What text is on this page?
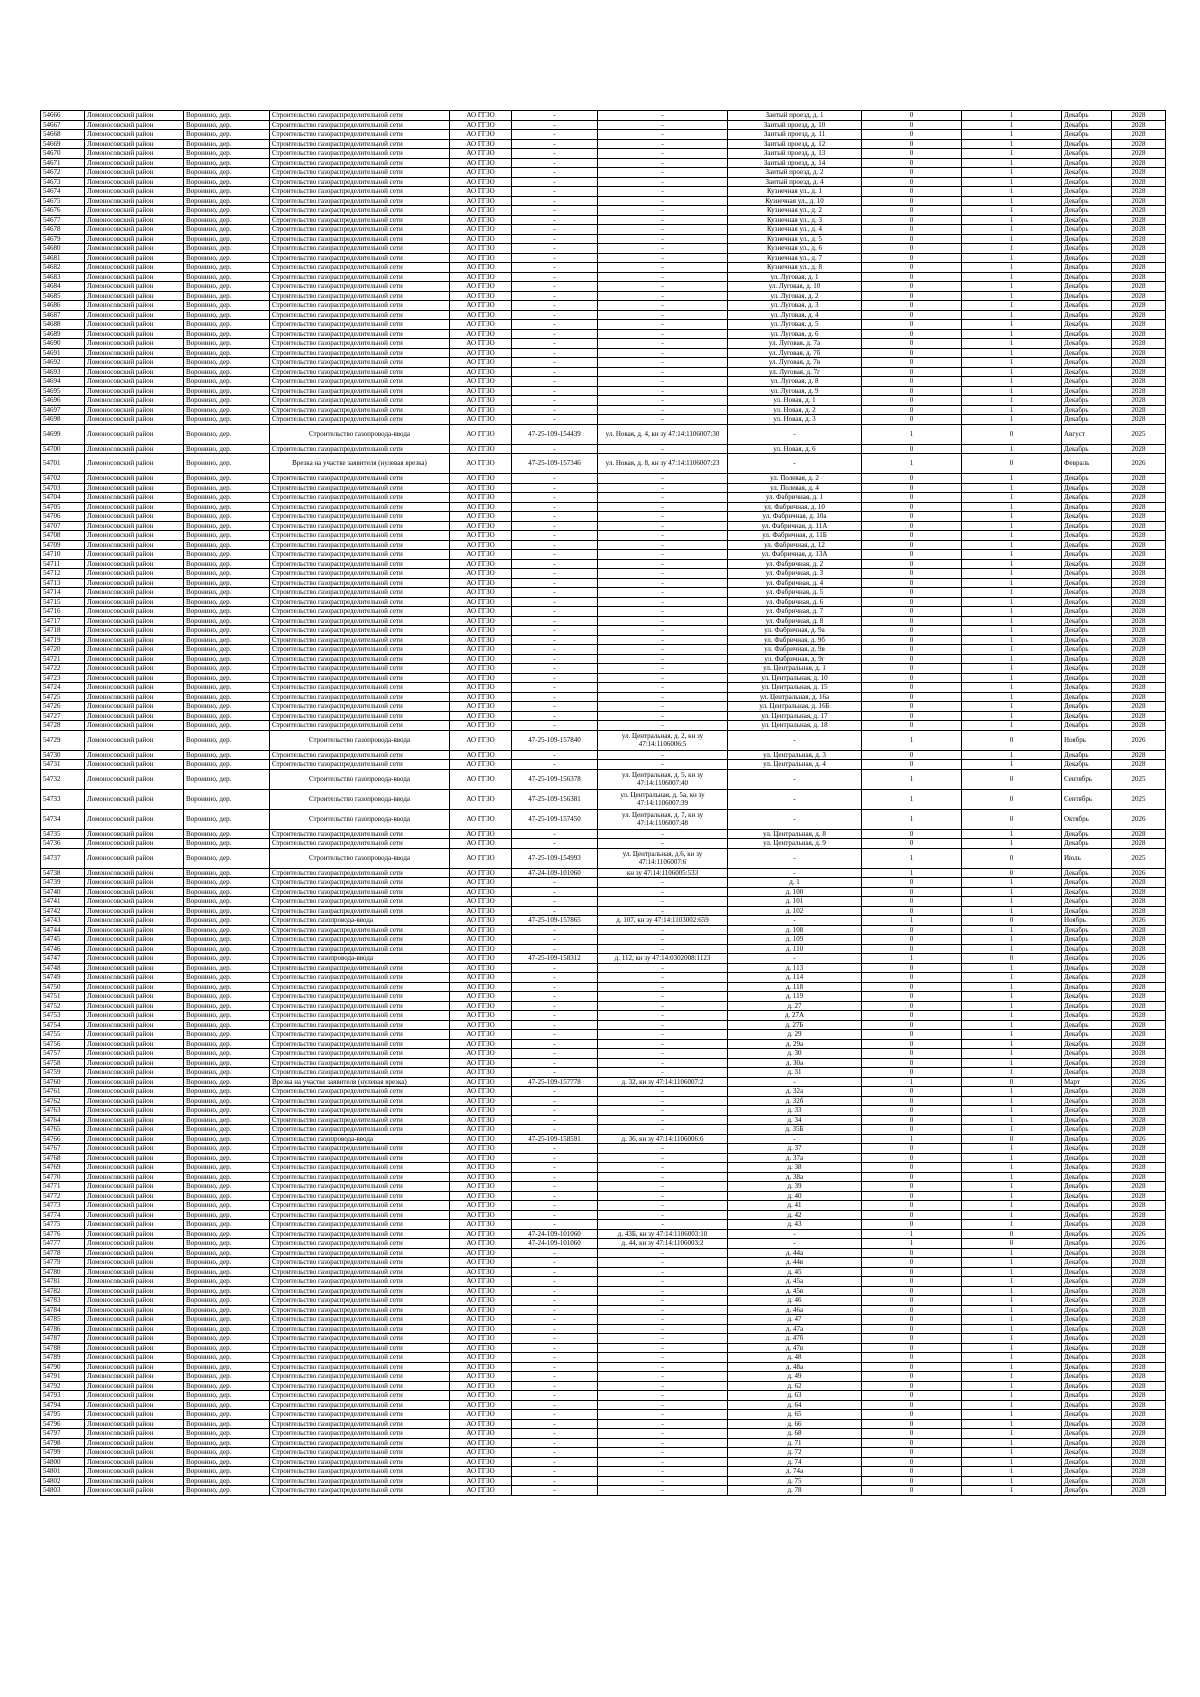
54666	Ломоносовский район	Воронино, дер.	Строительство газораспределительной сети	АО ГГЗО	-	-	Заитый проезд, д. 1	0	1	Декабрь	2028
54667	Ломоносовский район	Воронино, дер.	Строительство газораспределительной сети	АО ГГЗО	-	-	Заитый проезд, д. 10	0	1	Декабрь	2028
54668	Ломоносовский район	Воронино, дер.	Строительство газораспределительной сети	АО ГГЗО	-	-	Заитый проезд, д. 11	0	1	Декабрь	2028
54669	Ломоносовский район	Воронино, дер.	Строительство газораспределительной сети	АО ГГЗО	-	-	Заитый проезд, д. 12	0	1	Декабрь	2028
54670	Ломоносовский район	Воронино, дер.	Строительство газораспределительной сети	АО ГГЗО	-	-	Заитый проезд, д. 13	0	1	Декабрь	2028
54671	Ломоносовский район	Воронино, дер.	Строительство газораспределительной сети	АО ГГЗО	-	-	Заитый проезд, д. 14	0	1	Декабрь	2028
54672	Ломоносовский район	Воронино, дер.	Строительство газораспределительной сети	АО ГГЗО	-	-	Заитый проезд, д. 2	0	1	Декабрь	2028
54673	Ломоносовский район	Воронино, дер.	Строительство газораспределительной сети	АО ГГЗО	-	-	Заитый проезд, д. 4	0	1	Декабрь	2028
54674	Ломоносовский район	Воронино, дер.	Строительство газораспределительной сети	АО ГГЗО	-	-	Кузнечная ул., д. 1	0	1	Декабрь	2028
54675	Ломоносовский район	Воронино, дер.	Строительство газораспределительной сети	АО ГГЗО	-	-	Кузнечная ул., д. 10	0	1	Декабрь	2028
54676	Ломоносовский район	Воронино, дер.	Строительство газораспределительной сети	АО ГГЗО	-	-	Кузнечная ул., д. 2	0	1	Декабрь	2028
54677	Ломоносовский район	Воронино, дер.	Строительство газораспределительной сети	АО ГГЗО	-	-	Кузнечная ул., д. 3	0	1	Декабрь	2028
54678	Ломоносовский район	Воронино, дер.	Строительство газораспределительной сети	АО ГГЗО	-	-	Кузнечная ул., д. 4	0	1	Декабрь	2028
54679	Ломоносовский район	Воронино, дер.	Строительство газораспределительной сети	АО ГГЗО	-	-	Кузнечная ул., д. 5	0	1	Декабрь	2028
54680	Ломоносовский район	Воронино, дер.	Строительство газораспределительной сети	АО ГГЗО	-	-	Кузнечная ул., д. 6	0	1	Декабрь	2028
54681	Ломоносовский район	Воронино, дер.	Строительство газораспределительной сети	АО ГГЗО	-	-	Кузнечная ул., д. 7	0	1	Декабрь	2028
54682	Ломоносовский район	Воронино, дер.	Строительство газораспределительной сети	АО ГГЗО	-	-	Кузнечная ул., д. 8	0	1	Декабрь	2028
54683	Ломоносовский район	Воронино, дер.	Строительство газораспределительной сети	АО ГГЗО	-	-	ул. Луговая, д. 1	0	1	Декабрь	2028
54684	Ломоносовский район	Воронино, дер.	Строительство газораспределительной сети	АО ГГЗО	-	-	ул. Луговая, д. 10	0	1	Декабрь	2028
54685	Ломоносовский район	Воронино, дер.	Строительство газораспределительной сети	АО ГГЗО	-	-	ул. Луговая, д. 2	0	1	Декабрь	2028
54686	Ломоносовский район	Воронино, дер.	Строительство газораспределительной сети	АО ГГЗО	-	-	ул. Луговая, д. 3	0	1	Декабрь	2028
54687	Ломоносовский район	Воронино, дер.	Строительство газораспределительной сети	АО ГГЗО	-	-	ул. Луговая, д. 4	0	1	Декабрь	2028
54688	Ломоносовский район	Воронино, дер.	Строительство газораспределительной сети	АО ГГЗО	-	-	ул. Луговая, д. 5	0	1	Декабрь	2028
54689	Ломоносовский район	Воронино, дер.	Строительство газораспределительной сети	АО ГГЗО	-	-	ул. Луговая, д. 6	0	1	Декабрь	2028
54690	Ломоносовский район	Воронино, дер.	Строительство газораспределительной сети	АО ГГЗО	-	-	ул. Луговая, д. 7а	0	1	Декабрь	2028
54691	Ломоносовский район	Воронино, дер.	Строительство газораспределительной сети	АО ГГЗО	-	-	ул. Луговая, д. 7б	0	1	Декабрь	2028
54692	Ломоносовский район	Воронино, дер.	Строительство газораспределительной сети	АО ГГЗО	-	-	ул. Луговая, д. 7в	0	1	Декабрь	2028
54693	Ломоносовский район	Воронино, дер.	Строительство газораспределительной сети	АО ГГЗО	-	-	ул. Луговая, д. 7г	0	1	Декабрь	2028
54694	Ломоносовский район	Воронино, дер.	Строительство газораспределительной сети	АО ГГЗО	-	-	ул. Луговая, д. 8	0	1	Декабрь	2028
54695	Ломоносовский район	Воронино, дер.	Строительство газораспределительной сети	АО ГГЗО	-	-	ул. Луговая, д. 9	0	1	Декабрь	2028
54696	Ломоносовский район	Воронино, дер.	Строительство газораспределительной сети	АО ГГЗО	-	-	ул. Новая, д. 1	0	1	Декабрь	2028
54697	Ломоносовский район	Воронино, дер.	Строительство газораспределительной сети	АО ГГЗО	-	-	ул. Новая, д. 2	0	1	Декабрь	2028
54698	Ломоносовский район	Воронино, дер.	Строительство газораспределительной сети	АО ГГЗО	-	-	ул. Новая, д. 3	0	1	Декабрь	2028
54699	Ломоносовский район	Воронино, дер.	Строительство газопровода-ввода	АО ГГЗО	47-25-109-154439	ул. Новая, д. 4, кн зу 47:14:1106007:30	-	1	0	Август	2025
54700	Ломоносовский район	Воронино, дер.	Строительство газораспределительной сети	АО ГГЗО	-	-	ул. Новая, д. 6	0	1	Декабрь	2028
54701	Ломоносовский район	Воронино, дер.	Врезка на участке заявителя (нулевая врезка)	АО ГГЗО	47-25-109-157346	ул. Новая, д. 8, кн зу 47:14:1106007:23	-	1	0	Февраль	2026
54702	Ломоносовский район	Воронино, дер.	Строительство газораспределительной сети	АО ГГЗО	-	-	ул. Полевая, д. 2	0	1	Декабрь	2028
54703	Ломоносовский район	Воронино, дер.	Строительство газораспределительной сети	АО ГГЗО	-	-	ул. Полевая, д. 4	0	1	Декабрь	2028
54704	Ломоносовский район	Воронино, дер.	Строительство газораспределительной сети	АО ГГЗО	-	-	ул. Фабричная, д. 1	0	1	Декабрь	2028
54705	Ломоносовский район	Воронино, дер.	Строительство газораспределительной сети	АО ГГЗО	-	-	ул. Фабричная, д. 10	0	1	Декабрь	2028
54706	Ломоносовский район	Воронино, дер.	Строительство газораспределительной сети	АО ГГЗО	-	-	ул. Фабричная, д. 10а	0	1	Декабрь	2028
54707	Ломоносовский район	Воронино, дер.	Строительство газораспределительной сети	АО ГГЗО	-	-	ул. Фабричная, д. 11А	0	1	Декабрь	2028
54708	Ломоносовский район	Воронино, дер.	Строительство газораспределительной сети	АО ГГЗО	-	-	ул. Фабричная, д. 11Б	0	1	Декабрь	2028
54709	Ломоносовский район	Воронино, дер.	Строительство газораспределительной сети	АО ГГЗО	-	-	ул. Фабричная, д. 12	0	1	Декабрь	2028
54710	Ломоносовский район	Воронино, дер.	Строительство газораспределительной сети	АО ГГЗО	-	-	ул. Фабричная, д. 13А	0	1	Декабрь	2028
54711	Ломоносовский район	Воронино, дер.	Строительство газораспределительной сети	АО ГГЗО	-	-	ул. Фабричная, д. 2	0	1	Декабрь	2028
54712	Ломоносовский район	Воронино, дер.	Строительство газораспределительной сети	АО ГГЗО	-	-	ул. Фабричная, д. 3	0	1	Декабрь	2028
54713	Ломоносовский район	Воронино, дер.	Строительство газораспределительной сети	АО ГГЗО	-	-	ул. Фабричная, д. 4	0	1	Декабрь	2028
54714	Ломоносовский район	Воронино, дер.	Строительство газораспределительной сети	АО ГГЗО	-	-	ул. Фабричная, д. 5	0	1	Декабрь	2028
54715	Ломоносовский район	Воронино, дер.	Строительство газораспределительной сети	АО ГГЗО	-	-	ул. Фабричная, д. 6	0	1	Декабрь	2028
54716	Ломоносовский район	Воронино, дер.	Строительство газораспределительной сети	АО ГГЗО	-	-	ул. Фабричная, д. 7	0	1	Декабрь	2028
54717	Ломоносовский район	Воронино, дер.	Строительство газораспределительной сети	АО ГГЗО	-	-	ул. Фабричная, д. 8	0	1	Декабрь	2028
54718	Ломоносовский район	Воронино, дер.	Строительство газораспределительной сети	АО ГГЗО	-	-	ул. Фабричная, д. 9а	0	1	Декабрь	2028
54719	Ломоносовский район	Воронино, дер.	Строительство газораспределительной сети	АО ГГЗО	-	-	ул. Фабричная, д. 9б	0	1	Декабрь	2028
54720	Ломоносовский район	Воронино, дер.	Строительство газораспределительной сети	АО ГГЗО	-	-	ул. Фабричная, д. 9в	0	1	Декабрь	2028
54721	Ломоносовский район	Воронино, дер.	Строительство газораспределительной сети	АО ГГЗО	-	-	ул. Фабричная, д. 9г	0	1	Декабрь	2028
54722	Ломоносовский район	Воронино, дер.	Строительство газораспределительной сети	АО ГГЗО	-	-	ул. Центральная, д. 1	0	1	Декабрь	2028
54723	Ломоносовский район	Воронино, дер.	Строительство газораспределительной сети	АО ГГЗО	-	-	ул. Центральная, д. 10	0	1	Декабрь	2028
54724	Ломоносовский район	Воронино, дер.	Строительство газораспределительной сети	АО ГГЗО	-	-	ул. Центральная, д. 15	0	1	Декабрь	2028
54725	Ломоносовский район	Воронино, дер.	Строительство газораспределительной сети	АО ГГЗО	-	-	ул. Центральная, д. 16а	0	1	Декабрь	2028
54726	Ломоносовский район	Воронино, дер.	Строительство газораспределительной сети	АО ГГЗО	-	-	ул. Центральная, д. 16Б	0	1	Декабрь	2028
54727	Ломоносовский район	Воронино, дер.	Строительство газораспределительной сети	АО ГГЗО	-	-	ул. Центральная, д. 17	0	1	Декабрь	2028
54728	Ломоносовский район	Воронино, дер.	Строительство газораспределительной сети	АО ГГЗО	-	-	ул. Центральная, д. 18	0	1	Декабрь	2028
54729	Ломоносовский район	Воронино, дер.	Строительство газопровода-ввода	АО ГГЗО	47-25-109-157840	ул. Центральная, д. 2, кн зу 47:14:1106006:5	-	1	0	Ноябрь	2026
54730	Ломоносовский район	Воронино, дер.	Строительство газораспределительной сети	АО ГГЗО	-	-	ул. Центральная, д. 3	0	1	Декабрь	2028
54731	Ломоносовский район	Воронино, дер.	Строительство газораспределительной сети	АО ГГЗО	-	-	ул. Центральная, д. 4	0	1	Декабрь	2028
54732	Ломоносовский район	Воронино, дер.	Строительство газопровода-ввода	АО ГГЗО	47-25-109-156378	ул. Центральная, д. 5, кн зу 47:14:1106007:40	-	1	0	Сентябрь	2025
54733	Ломоносовский район	Воронино, дер.	Строительство газопровода-ввода	АО ГГЗО	47-25-109-156381	ул. Центральная, д. 5а, кн зу 47:14:1106007:39	-	1	0	Сентябрь	2025
54734	Ломоносовский район	Воронино, дер.	Строительство газопровода-ввода	АО ГГЗО	47-25-109-157450	ул. Центральная, д. 7, кн зу 47:14:1106007:48	-	1	0	Октябрь	2026
54735	Ломоносовский район	Воронино, дер.	Строительство газораспределительной сети	АО ГГЗО	-	-	ул. Центральная, д. 8	0	1	Декабрь	2028
54736	Ломоносовский район	Воронино, дер.	Строительство газораспределительной сети	АО ГГЗО	-	-	ул. Центральная, д. 9	0	1	Декабрь	2028
54737	Ломоносовский район	Воронино, дер.	Строительство газопровода-ввода	АО ГГЗО	47-25-109-154993	ул. Центральная, д.6, кн зу 47:14:1106007:6	-	1	0	Июль	2025
54738	Ломоносовский район	Воронино, дер.	Строительство газораспределительной сети	АО ГГЗО	47-24-109-101060	кн зу 47:14:1106005:533	-	1	0	Декабрь	2026
54739	Ломоносовский район	Воронино, дер.	Строительство газораспределительной сети	АО ГГЗО	-	-	д. 1	0	1	Декабрь	2028
54740	Ломоносовский район	Воронино, дер.	Строительство газораспределительной сети	АО ГГЗО	-	-	д. 100	0	1	Декабрь	2028
54741	Ломоносовский район	Воронино, дер.	Строительство газораспределительной сети	АО ГГЗО	-	-	д. 101	0	1	Декабрь	2028
54742	Ломоносовский район	Воронино, дер.	Строительство газораспределительной сети	АО ГГЗО	-	-	д. 102	0	1	Декабрь	2028
54743	Ломоносовский район	Воронино, дер.	Строительство газопровода-ввода	АО ГГЗО	47-25-109-157865	д. 107, кн зу 47:14:1103002:659	-	1	0	Ноябрь	2026
54744	Ломоносовский район	Воронино, дер.	Строительство газораспределительной сети	АО ГГЗО	-	-	д. 108	0	1	Декабрь	2028
54745	Ломоносовский район	Воронино, дер.	Строительство газораспределительной сети	АО ГГЗО	-	-	д. 109	0	1	Декабрь	2028
54746	Ломоносовский район	Воронино, дер.	Строительство газораспределительной сети	АО ГГЗО	-	-	д. 110	0	1	Декабрь	2028
54747	Ломоносовский район	Воронино, дер.	Строительство газопровода-ввода	АО ГГЗО	47-25-109-158312	д. 112, кн зу 47:14:0302008:1123	-	1	0	Декабрь	2026
54748	Ломоносовский район	Воронино, дер.	Строительство газораспределительной сети	АО ГГЗО	-	-	д. 113	0	1	Декабрь	2028
54749	Ломоносовский район	Воронино, дер.	Строительство газораспределительной сети	АО ГГЗО	-	-	д. 114	0	1	Декабрь	2028
54750	Ломоносовский район	Воронино, дер.	Строительство газораспределительной сети	АО ГГЗО	-	-	д. 118	0	1	Декабрь	2028
54751	Ломоносовский район	Воронино, дер.	Строительство газораспределительной сети	АО ГГЗО	-	-	д. 119	0	1	Декабрь	2028
54752	Ломоносовский район	Воронино, дер.	Строительство газораспределительной сети	АО ГГЗО	-	-	д. 27	0	1	Декабрь	2028
54753	Ломоносовский район	Воронино, дер.	Строительство газораспределительной сети	АО ГГЗО	-	-	д. 27А	0	1	Декабрь	2028
54754	Ломоносовский район	Воронино, дер.	Строительство газораспределительной сети	АО ГГЗО	-	-	д. 27Б	0	1	Декабрь	2028
54755	Ломоносовский район	Воронино, дер.	Строительство газораспределительной сети	АО ГГЗО	-	-	д. 29	0	1	Декабрь	2028
54756	Ломоносовский район	Воронино, дер.	Строительство газораспределительной сети	АО ГГЗО	-	-	д. 29а	0	1	Декабрь	2028
54757	Ломоносовский район	Воронино, дер.	Строительство газораспределительной сети	АО ГГЗО	-	-	д. 30	0	1	Декабрь	2028
54758	Ломоносовский район	Воронино, дер.	Строительство газораспределительной сети	АО ГГЗО	-	-	д. 30а	0	1	Декабрь	2028
54759	Ломоносовский район	Воронино, дер.	Строительство газораспределительной сети	АО ГГЗО	-	-	д. 31	0	1	Декабрь	2028
54760	Ломоносовский район	Воронино, дер.	Врезка на участке заявителя (нулевая врезка)	АО ГГЗО	47-25-109-157778	д. 32, кн зу 47:14:1106007:2	-	1	0	Март	2026
54761	Ломоносовский район	Воронино, дер.	Строительство газораспределительной сети	АО ГГЗО	-	-	д. 32а	0	1	Декабрь	2028
54762	Ломоносовский район	Воронино, дер.	Строительство газораспределительной сети	АО ГГЗО	-	-	д. 32б	0	1	Декабрь	2028
54763	Ломоносовский район	Воронино, дер.	Строительство газораспределительной сети	АО ГГЗО	-	-	д. 33	0	1	Декабрь	2028
54764	Ломоносовский район	Воронино, дер.	Строительство газораспределительной сети	АО ГГЗО	-	-	д. 34	0	1	Декабрь	2028
54765	Ломоносовский район	Воронино, дер.	Строительство газораспределительной сети	АО ГГЗО	-	-	д. 35Б	0	1	Декабрь	2028
54766	Ломоносовский район	Воронино, дер.	Строительство газопровода-ввода	АО ГГЗО	47-25-109-158591	д. 36, кн зу 47:14:1106006:6	-	1	0	Декабрь	2026
54767	Ломоносовский район	Воронино, дер.	Строительство газораспределительной сети	АО ГГЗО	-	-	д. 37	0	1	Декабрь	2028
54768	Ломоносовский район	Воронино, дер.	Строительство газораспределительной сети	АО ГГЗО	-	-	д. 37а	0	1	Декабрь	2028
54769	Ломоносовский район	Воронино, дер.	Строительство газораспределительной сети	АО ГГЗО	-	-	д. 38	0	1	Декабрь	2028
54770	Ломоносовский район	Воронино, дер.	Строительство газораспределительной сети	АО ГГЗО	-	-	д. 38а	0	1	Декабрь	2028
54771	Ломоносовский район	Воронино, дер.	Строительство газораспределительной сети	АО ГГЗО	-	-	д. 39	0	1	Декабрь	2028
54772	Ломоносовский район	Воронино, дер.	Строительство газораспределительной сети	АО ГГЗО	-	-	д. 40	0	1	Декабрь	2028
54773	Ломоносовский район	Воронино, дер.	Строительство газораспределительной сети	АО ГГЗО	-	-	д. 41	0	1	Декабрь	2028
54774	Ломоносовский район	Воронино, дер.	Строительство газораспределительной сети	АО ГГЗО	-	-	д. 42	0	1	Декабрь	2028
54775	Ломоносовский район	Воронино, дер.	Строительство газораспределительной сети	АО ГГЗО	-	-	д. 43	0	1	Декабрь	2028
54776	Ломоносовский район	Воронино, дер.	Строительство газораспределительной сети	АО ГГЗО	47-24-109-101060	д. 43Б, кн зу 47:14:1106003:10	-	1	0	Декабрь	2026
54777	Ломоносовский район	Воронино, дер.	Строительство газораспределительной сети	АО ГГЗО	47-24-109-101060	д. 44, кн зу 47:14:1106003:2	-	1	0	Декабрь	2026
54778	Ломоносовский район	Воронино, дер.	Строительство газораспределительной сети	АО ГГЗО	-	-	д. 44а	0	1	Декабрь	2028
54779	Ломоносовский район	Воронино, дер.	Строительство газораспределительной сети	АО ГГЗО	-	-	д. 44в	0	1	Декабрь	2028
54780	Ломоносовский район	Воронино, дер.	Строительство газораспределительной сети	АО ГГЗО	-	-	д. 45	0	1	Декабрь	2028
54781	Ломоносовский район	Воронино, дер.	Строительство газораспределительной сети	АО ГГЗО	-	-	д. 45а	0	1	Декабрь	2028
54782	Ломоносовский район	Воронино, дер.	Строительство газораспределительной сети	АО ГГЗО	-	-	д. 45в	0	1	Декабрь	2028
54783	Ломоносовский район	Воронино, дер.	Строительство газораспределительной сети	АО ГГЗО	-	-	д. 46	0	1	Декабрь	2028
54784	Ломоносовский район	Воронино, дер.	Строительство газораспределительной сети	АО ГГЗО	-	-	д. 46а	0	1	Декабрь	2028
54785	Ломоносовский район	Воронино, дер.	Строительство газораспределительной сети	АО ГГЗО	-	-	д. 47	0	1	Декабрь	2028
54786	Ломоносовский район	Воронино, дер.	Строительство газораспределительной сети	АО ГГЗО	-	-	д. 47а	0	1	Декабрь	2028
54787	Ломоносовский район	Воронино, дер.	Строительство газораспределительной сети	АО ГГЗО	-	-	д. 47б	0	1	Декабрь	2028
54788	Ломоносовский район	Воронино, дер.	Строительство газораспределительной сети	АО ГГЗО	-	-	д. 47в	0	1	Декабрь	2028
54789	Ломоносовский район	Воронино, дер.	Строительство газораспределительной сети	АО ГГЗО	-	-	д. 48	0	1	Декабрь	2028
54790	Ломоносовский район	Воронино, дер.	Строительство газораспределительной сети	АО ГГЗО	-	-	д. 48а	0	1	Декабрь	2028
54791	Ломоносовский район	Воронино, дер.	Строительство газораспределительной сети	АО ГГЗО	-	-	д. 49	0	1	Декабрь	2028
54792	Ломоносовский район	Воронино, дер.	Строительство газораспределительной сети	АО ГГЗО	-	-	д. 62	0	1	Декабрь	2028
54793	Ломоносовский район	Воронино, дер.	Строительство газораспределительной сети	АО ГГЗО	-	-	д. 63	0	1	Декабрь	2028
54794	Ломоносовский район	Воронино, дер.	Строительство газораспределительной сети	АО ГГЗО	-	-	д. 64	0	1	Декабрь	2028
54795	Ломоносовский район	Воронино, дер.	Строительство газораспределительной сети	АО ГГЗО	-	-	д. 65	0	1	Декабрь	2028
54796	Ломоносовский район	Воронино, дер.	Строительство газораспределительной сети	АО ГГЗО	-	-	д. 66	0	1	Декабрь	2028
54797	Ломоносовский район	Воронино, дер.	Строительство газораспределительной сети	АО ГГЗО	-	-	д. 68	0	1	Декабрь	2028
54798	Ломоносовский район	Воронино, дер.	Строительство газораспределительной сети	АО ГГЗО	-	-	д. 71	0	1	Декабрь	2028
54799	Ломоносовский район	Воронино, дер.	Строительство газораспределительной сети	АО ГГЗО	-	-	д. 72	0	1	Декабрь	2028
54800	Ломоносовский район	Воронино, дер.	Строительство газораспределительной сети	АО ГГЗО	-	-	д. 74	0	1	Декабрь	2028
54801	Ломоносовский район	Воронино, дер.	Строительство газораспределительной сети	АО ГГЗО	-	-	д. 74а	0	1	Декабрь	2028
54802	Ломоносовский район	Воронино, дер.	Строительство газораспределительной сети	АО ГГЗО	-	-	д. 75	0	1	Декабрь	2028
54803	Ломоносовский район	Воронино, дер.	Строительство газораспределительной сети	АО ГГЗО	-	-	д. 78	0	1	Декабрь	2028
